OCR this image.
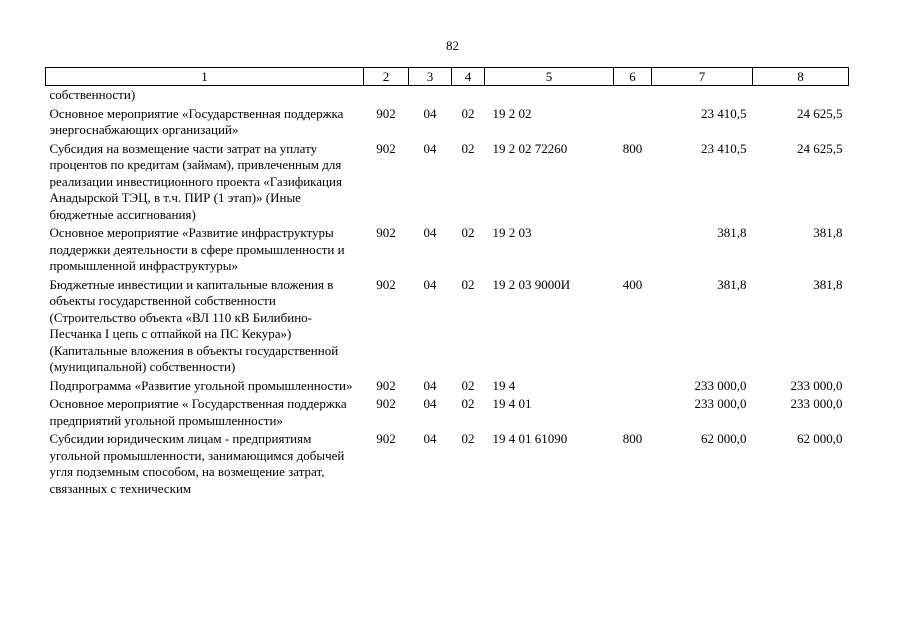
82
1	2	3	4	5	6	7	8
собственности)							
Основное мероприятие «Государственная поддержка энергоснабжающих организаций»	902	04	02	19 2 02		23 410,5	24 625,5
Субсидия на возмещение части затрат на уплату процентов по кредитам (займам), привлеченным для реализации инвестиционного проекта «Газификация Анадырской ТЭЦ, в т.ч. ПИР (1 этап)» (Иные бюджетные ассигнования)	902	04	02	19 2 02 72260	800	23 410,5	24 625,5
Основное мероприятие «Развитие инфраструктуры поддержки деятельности в сфере промышленности и промышленной инфраструктуры»	902	04	02	19 2 03		381,8	381,8
Бюджетные инвестиции и капитальные вложения в объекты государственной собственности (Строительство объекта «ВЛ 110 кВ Билибино-Песчанка I цепь с отпайкой на ПС Кекура») (Капитальные вложения в объекты государственной (муниципальной) собственности)	902	04	02	19 2 03 9000И	400	381,8	381,8
Подпрограмма «Развитие угольной промышленности»	902	04	02	19 4		233 000,0	233 000,0
Основное мероприятие « Государственная поддержка предприятий угольной промышленности»	902	04	02	19 4 01		233 000,0	233 000,0
Субсидии юридическим лицам - предприятиям угольной промышленности, занимающимся добычей угля подземным способом, на возмещение затрат, связанных с техническим	902	04	02	19 4 01 61090	800	62 000,0	62 000,0
